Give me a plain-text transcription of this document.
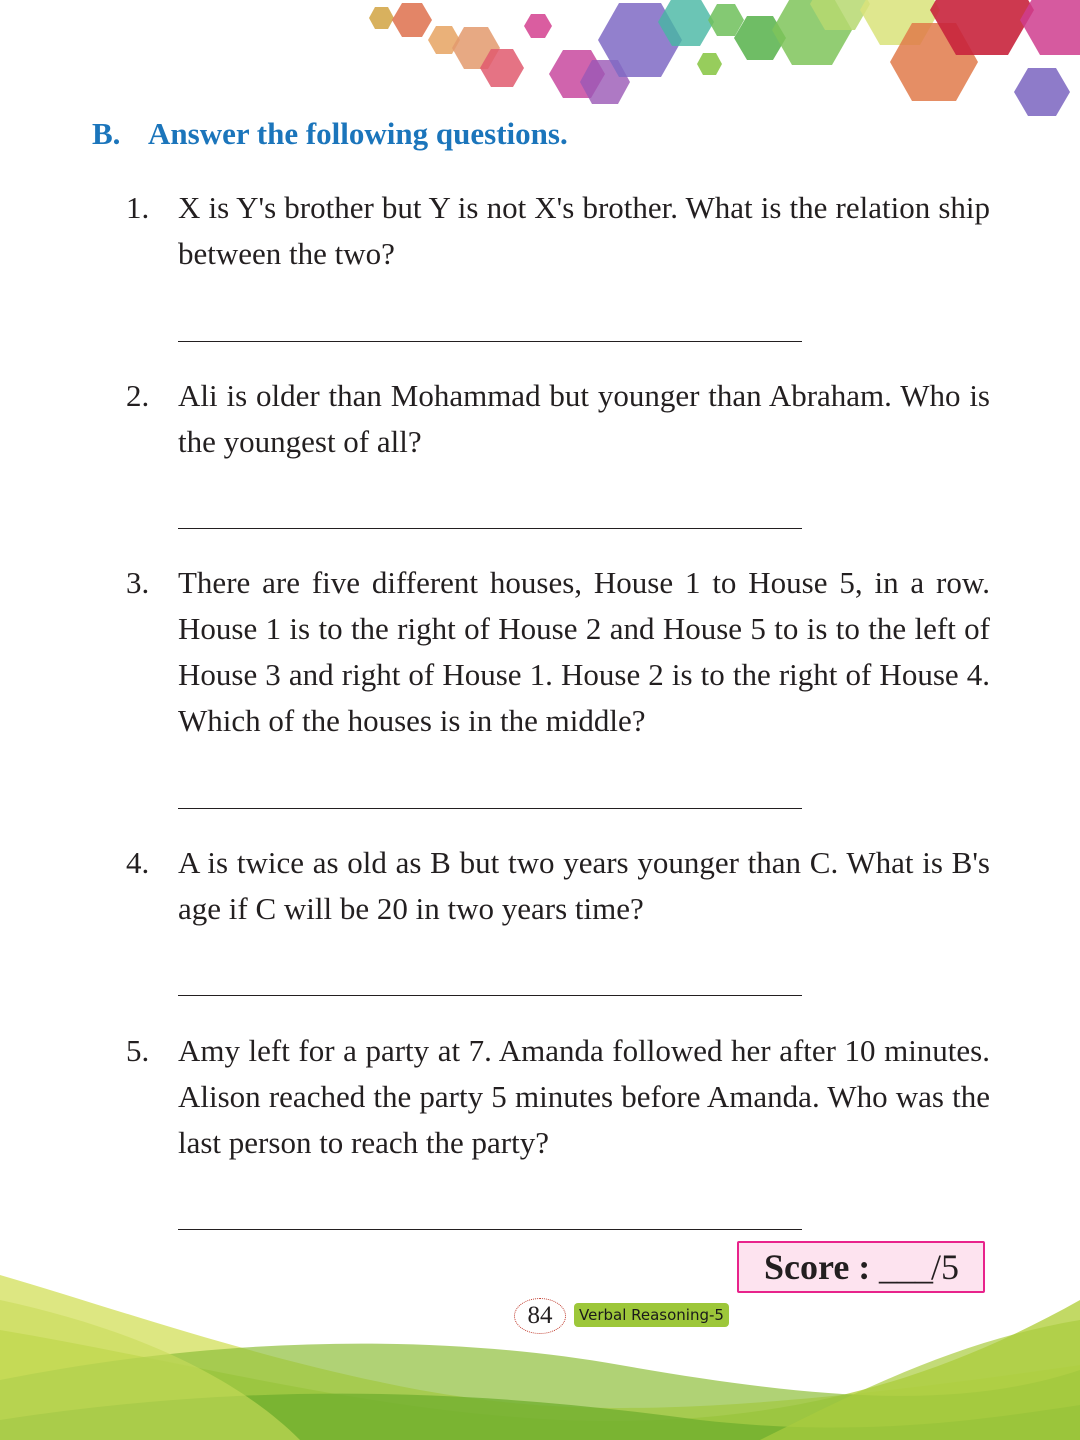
B. Answer the following questions.
1. X is Y's brother but Y is not X's brother. What is the relation ship between the two?
2. Ali is older than Mohammad but younger than Abraham. Who is the youngest of all?
3. There are five different houses, House 1 to House 5, in a row. House 1 is to the right of House 2 and House 5 to is to the left of House 3 and right of House 1. House 2 is to the right of House 4. Which of the houses is in the middle?
4. A is twice as old as B but two years younger than C. What is B's age if C will be 20 in two years time?
5. Amy left for a party at 7. Amanda followed her after 10 minutes. Alison reached the party 5 minutes before Amanda. Who was the last person to reach the party?
Score : ___
/5
84	Verbal Reasoning-5
